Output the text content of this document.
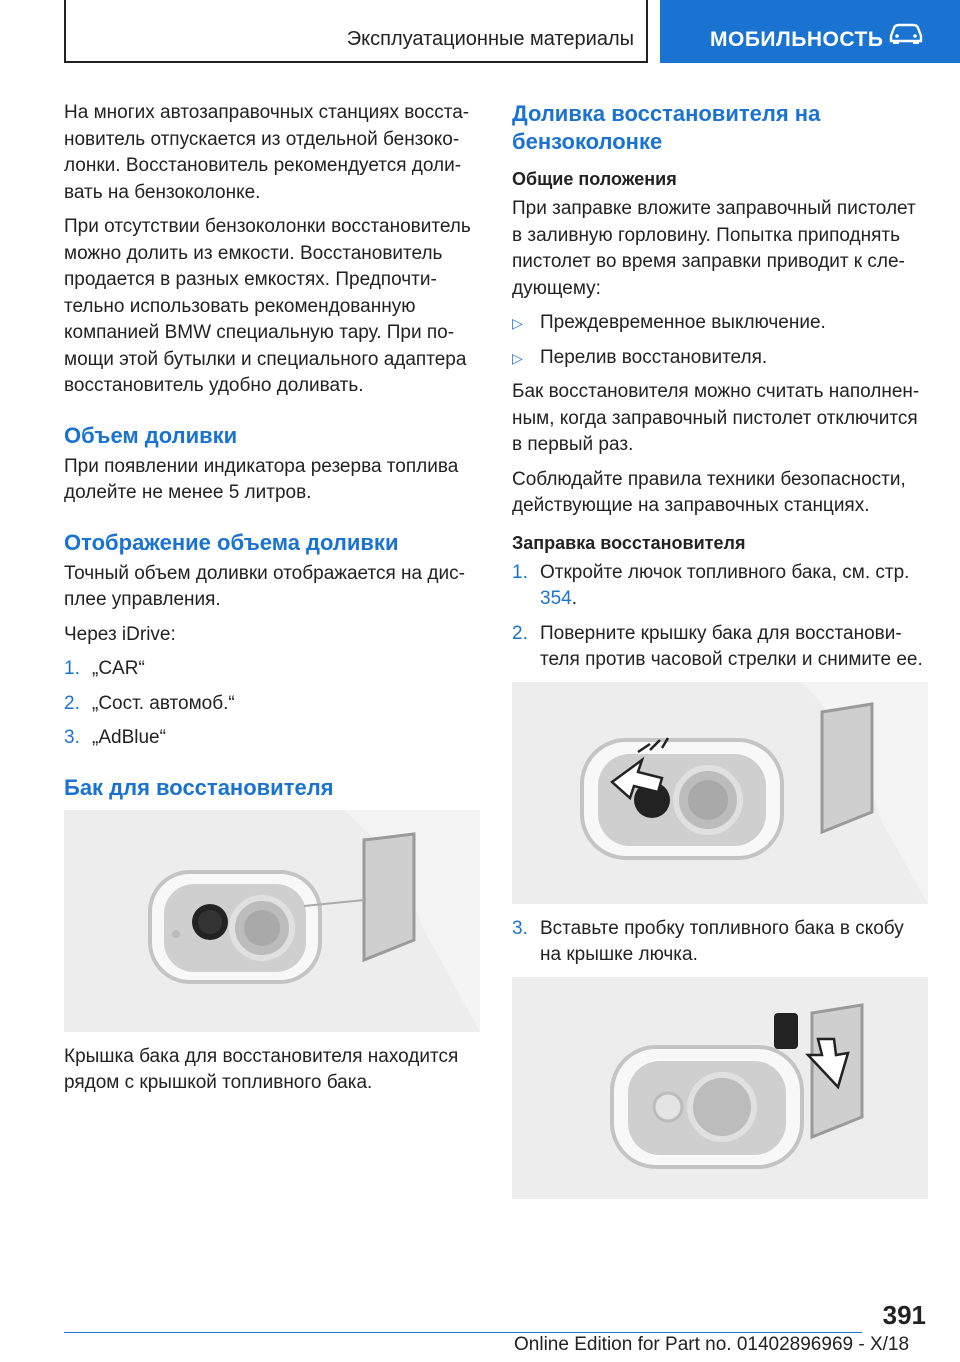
Эксплуатационные материалы	МОБИЛЬНОСТЬ

На многих автозаправочных станциях восста-новитель отпускается из отдельной бензоко-лонки. Восстановитель рекомендуется доли-вать на бензоколонке.

При отсутствии бензоколонки восстановитель можно долить из емкости. Восстановитель продается в разных емкостях. Предпочти-тельно использовать рекомендованную компанией BMW специальную тару. При по-мощи этой бутылки и специального адаптера восстановитель удобно доливать.

Объем доливки

При появлении индикатора резерва топлива долейте не менее 5 литров.

Отображение объема доливки

Точный объем доливки отображается на дис-плее управления.

Через iDrive:

1. „CAR“
2. „Сост. автомоб.“
3. „AdBlue“
Бак для восстановителя

Крышка бака для восстановителя находится рядом с крышкой топливного бака.

Доливка восстановителя на бензоколонке
Общие положения

При заправке вложите заправочный пистолет в заливную горловину. Попытка приподнять пистолет во время заправки приводит к сле-дующему:

▷ Преждевременное выключение.
▷ Перелив восстановителя.

Бак восстановителя можно считать наполнен-ным, когда заправочный пистолет отключится в первый раз.

Соблюдайте правила техники безопасности, действующие на заправочных станциях.

Заправка восстановителя
1. Откройте лючок топливного бака, см. стр. 354.
2. Поверните крышку бака для восстанови-теля против часовой стрелки и снимите ее.
3. Вставьте пробку топливного бака в скобу на крышке лючка.
391
Online Edition for Part no. 01402896969 - X/18
